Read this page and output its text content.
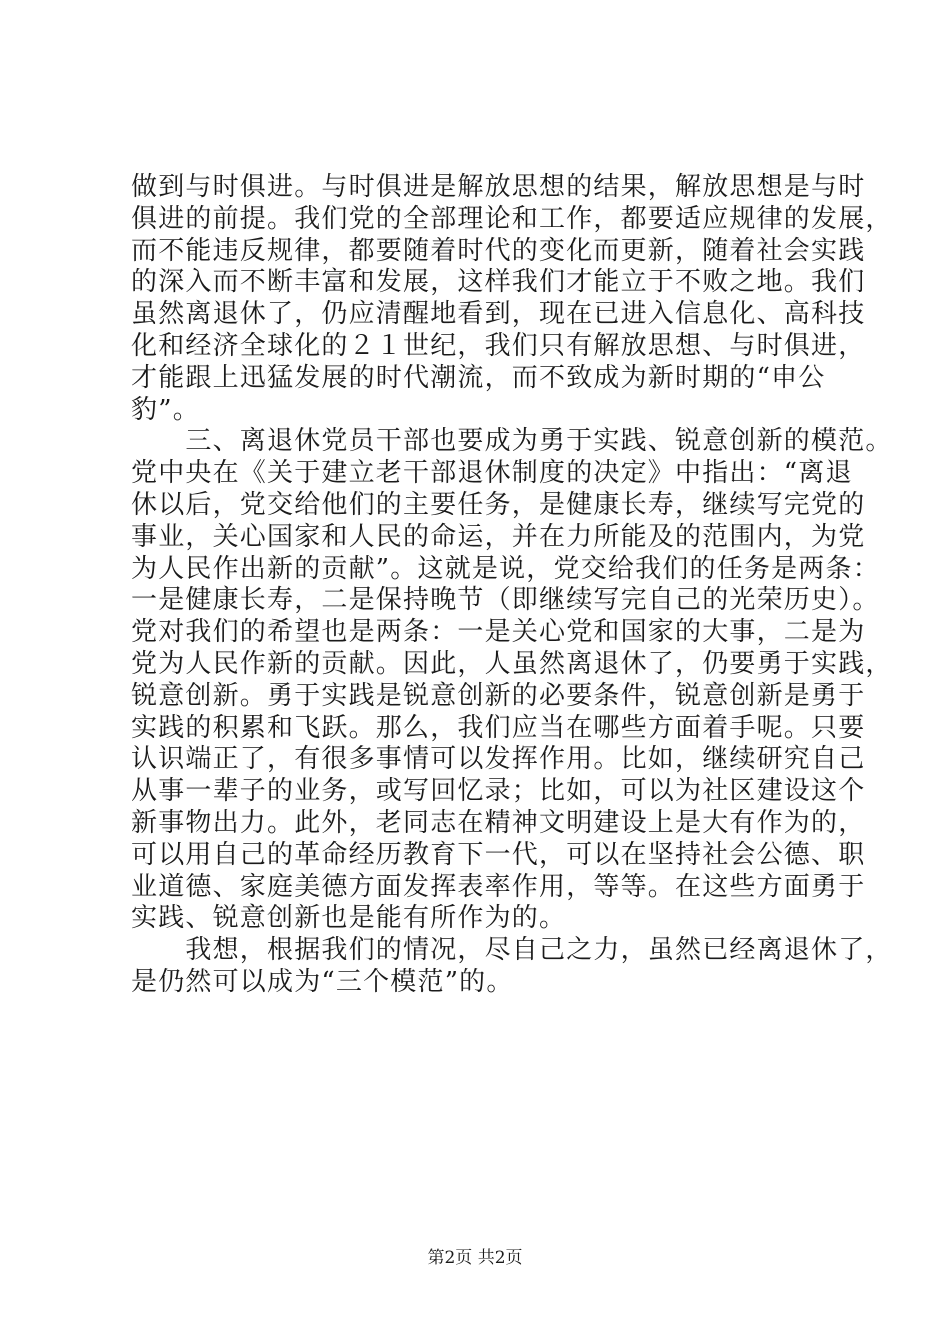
做到与时俱进。与时俱进是解放思想的结果，解放思想是与时
俱进的前提。我们党的全部理论和工作，都要适应规律的发展，
而不能违反规律，都要随着时代的变化而更新，随着社会实践
的深入而不断丰富和发展，这样我们才能立于不败之地。我们
虽然离退休了，仍应清醒地看到，现在已进入信息化、高科技
化和经济全球化的２１世纪，我们只有解放思想、与时俱进，
才能跟上迅猛发展的时代潮流，而不致成为新时期的“申公
豹”。
　　三、离退休党员干部也要成为勇于实践、锐意创新的模范。
党中央在《关于建立老干部退休制度的决定》中指出：“离退
休以后，党交给他们的主要任务，是健康长寿，继续写完党的
事业，关心国家和人民的命运，并在力所能及的范围内，为党
为人民作出新的贡献”。这就是说，党交给我们的任务是两条：
一是健康长寿，二是保持晚节（即继续写完自己的光荣历史）。
党对我们的希望也是两条：一是关心党和国家的大事，二是为
党为人民作新的贡献。因此，人虽然离退休了，仍要勇于实践，
锐意创新。勇于实践是锐意创新的必要条件，锐意创新是勇于
实践的积累和飞跃。那么，我们应当在哪些方面着手呢。只要
认识端正了，有很多事情可以发挥作用。比如，继续研究自己
从事一辈子的业务，或写回忆录；比如，可以为社区建设这个
新事物出力。此外，老同志在精神文明建设上是大有作为的，
可以用自己的革命经历教育下一代，可以在坚持社会公德、职
业道德、家庭美德方面发挥表率作用，等等。在这些方面勇于
实践、锐意创新也是能有所作为的。
　　我想，根据我们的情况，尽自己之力，虽然已经离退休了，
是仍然可以成为“三个模范”的。
第2页 共2页
